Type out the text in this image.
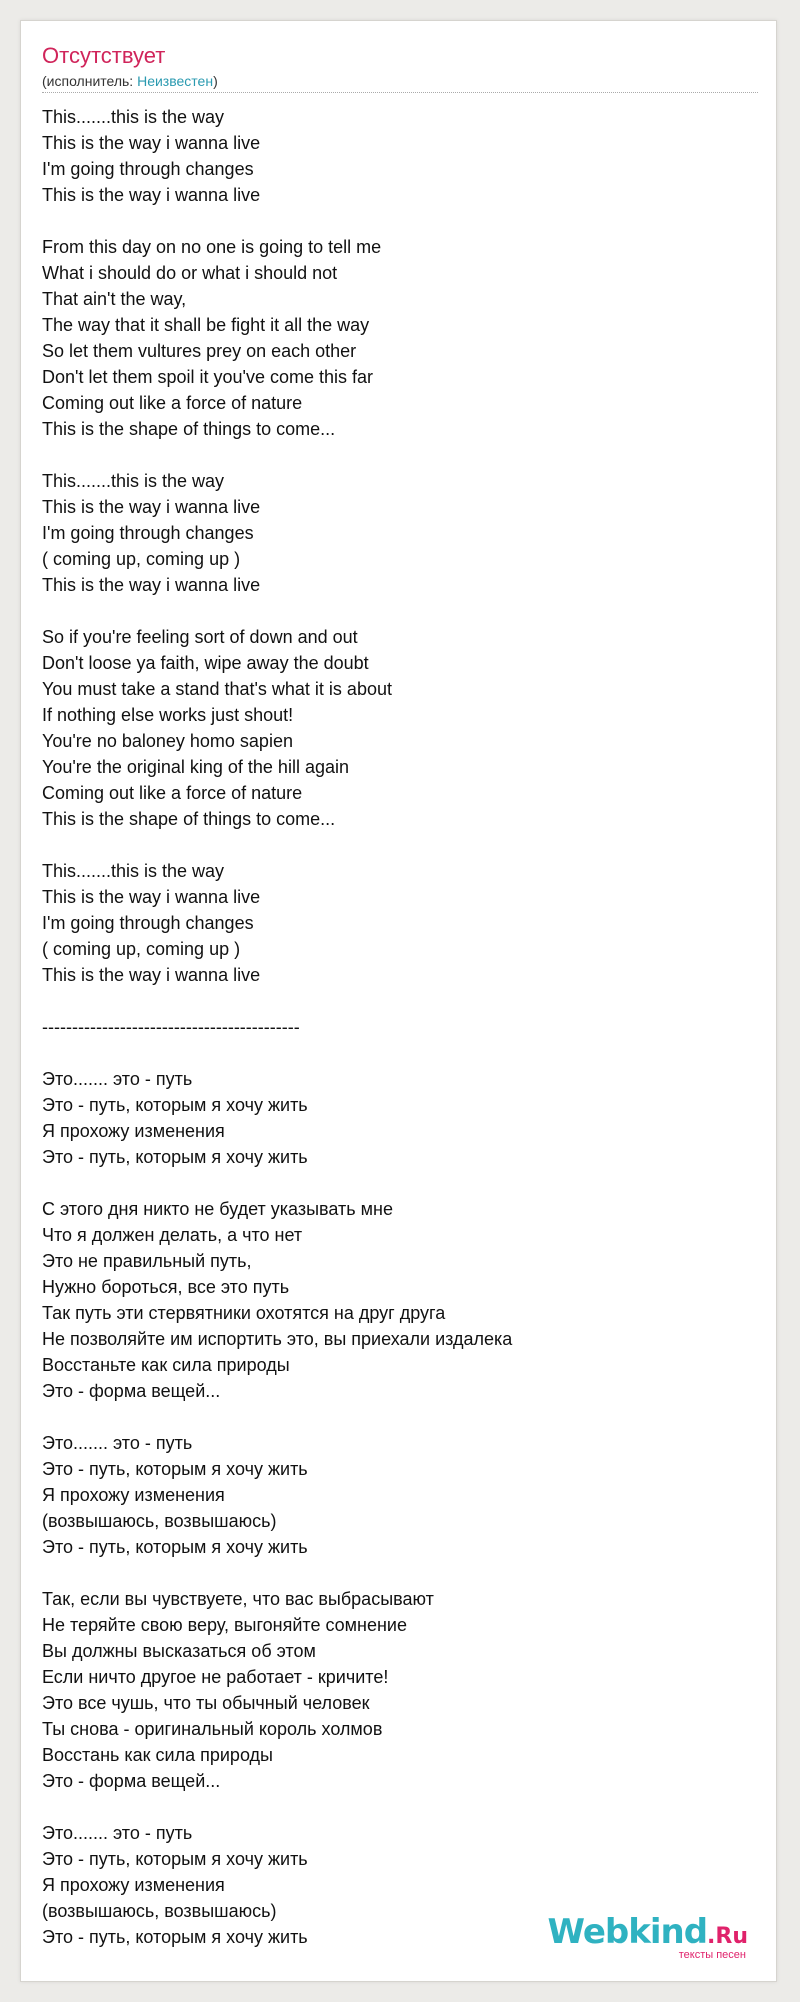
Отсутствует
(исполнитель: Неизвестен)
This.......this is the way
This is the way i wanna live
I'm going through changes
This is the way i wanna live
From this day on no one is going to tell me
What i should do or what i should not
That ain't the way,
The way that it shall be fight it all the way
So let them vultures prey on each other
Don't let them spoil it you've come this far
Coming out like a force of nature
This is the shape of things to come...
This.......this is the way
This is the way i wanna live
I'm going through changes
( coming up, coming up )
This is the way i wanna live
So if you're feeling sort of down and out
Don't loose ya faith, wipe away the doubt
You must take a stand that's what it is about
If nothing else works just shout!
You're no baloney homo sapien
You're the original king of the hill again
Coming out like a force of nature
This is the shape of things to come...
This.......this is the way
This is the way i wanna live
I'm going through changes
( coming up, coming up )
This is the way i wanna live
-------------------------------------------
Это....... это - путь
Это - путь, которым я хочу жить
Я прохожу изменения
Это - путь, которым я хочу жить
С этого дня никто не будет указывать мне
Что я должен делать, а что нет
Это не правильный путь,
Нужно бороться, все это путь
Так путь эти стервятники охотятся на друг друга
Не позволяйте им испортить это, вы приехали издалека
Восстаньте как сила природы
Это - форма вещей...
Это....... это - путь
Это - путь, которым я хочу жить
Я прохожу изменения
(возвышаюсь, возвышаюсь)
Это - путь, которым я хочу жить
Так, если вы чувствуете, что вас выбрасывают
Не теряйте свою веру, выгоняйте сомнение
Вы должны высказаться об этом
Если ничто другое не работает - кричите!
Это все чушь, что ты обычный человек
Ты снова - оригинальный король холмов
Восстань как сила природы
Это - форма вещей...
Это....... это - путь
Это - путь, которым я хочу жить
Я прохожу изменения
(возвышаюсь, возвышаюсь)
Это - путь, которым я хочу жить	Webkind.Ru
тексты песен
